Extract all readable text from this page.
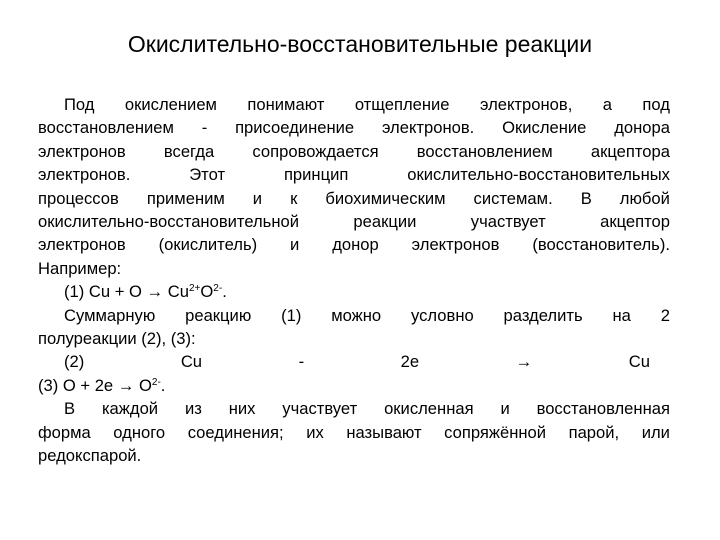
Окислительно-восстановительные реакции
Под окислением понимают отщепление электронов, а под
восстановлением - присоединение электронов. Окисление донора
электронов всегда сопровождается восстановлением акцептора
электронов.	Этот	принцип	окислительно-восстановительных
процессов применим и к биохимическим системам. В любой
окислительно-восстановительной	реакции	участвует	акцептор
электронов (окислитель) и донор электронов (восстановитель).
Например:
(1) $Cu + O \to Cu^{2+}O^{2-}$.
Суммарную реакцию (1) можно условно разделить на 2
полуреакции (2), (3):
(2)	Cu	-	2e	→	Cu
(3) $O + 2e \to O^{2-}$.
В каждой из них участвует окисленная и восстановленная
форма одного соединения; их называют сопряжённой парой, или
редокспарой.
